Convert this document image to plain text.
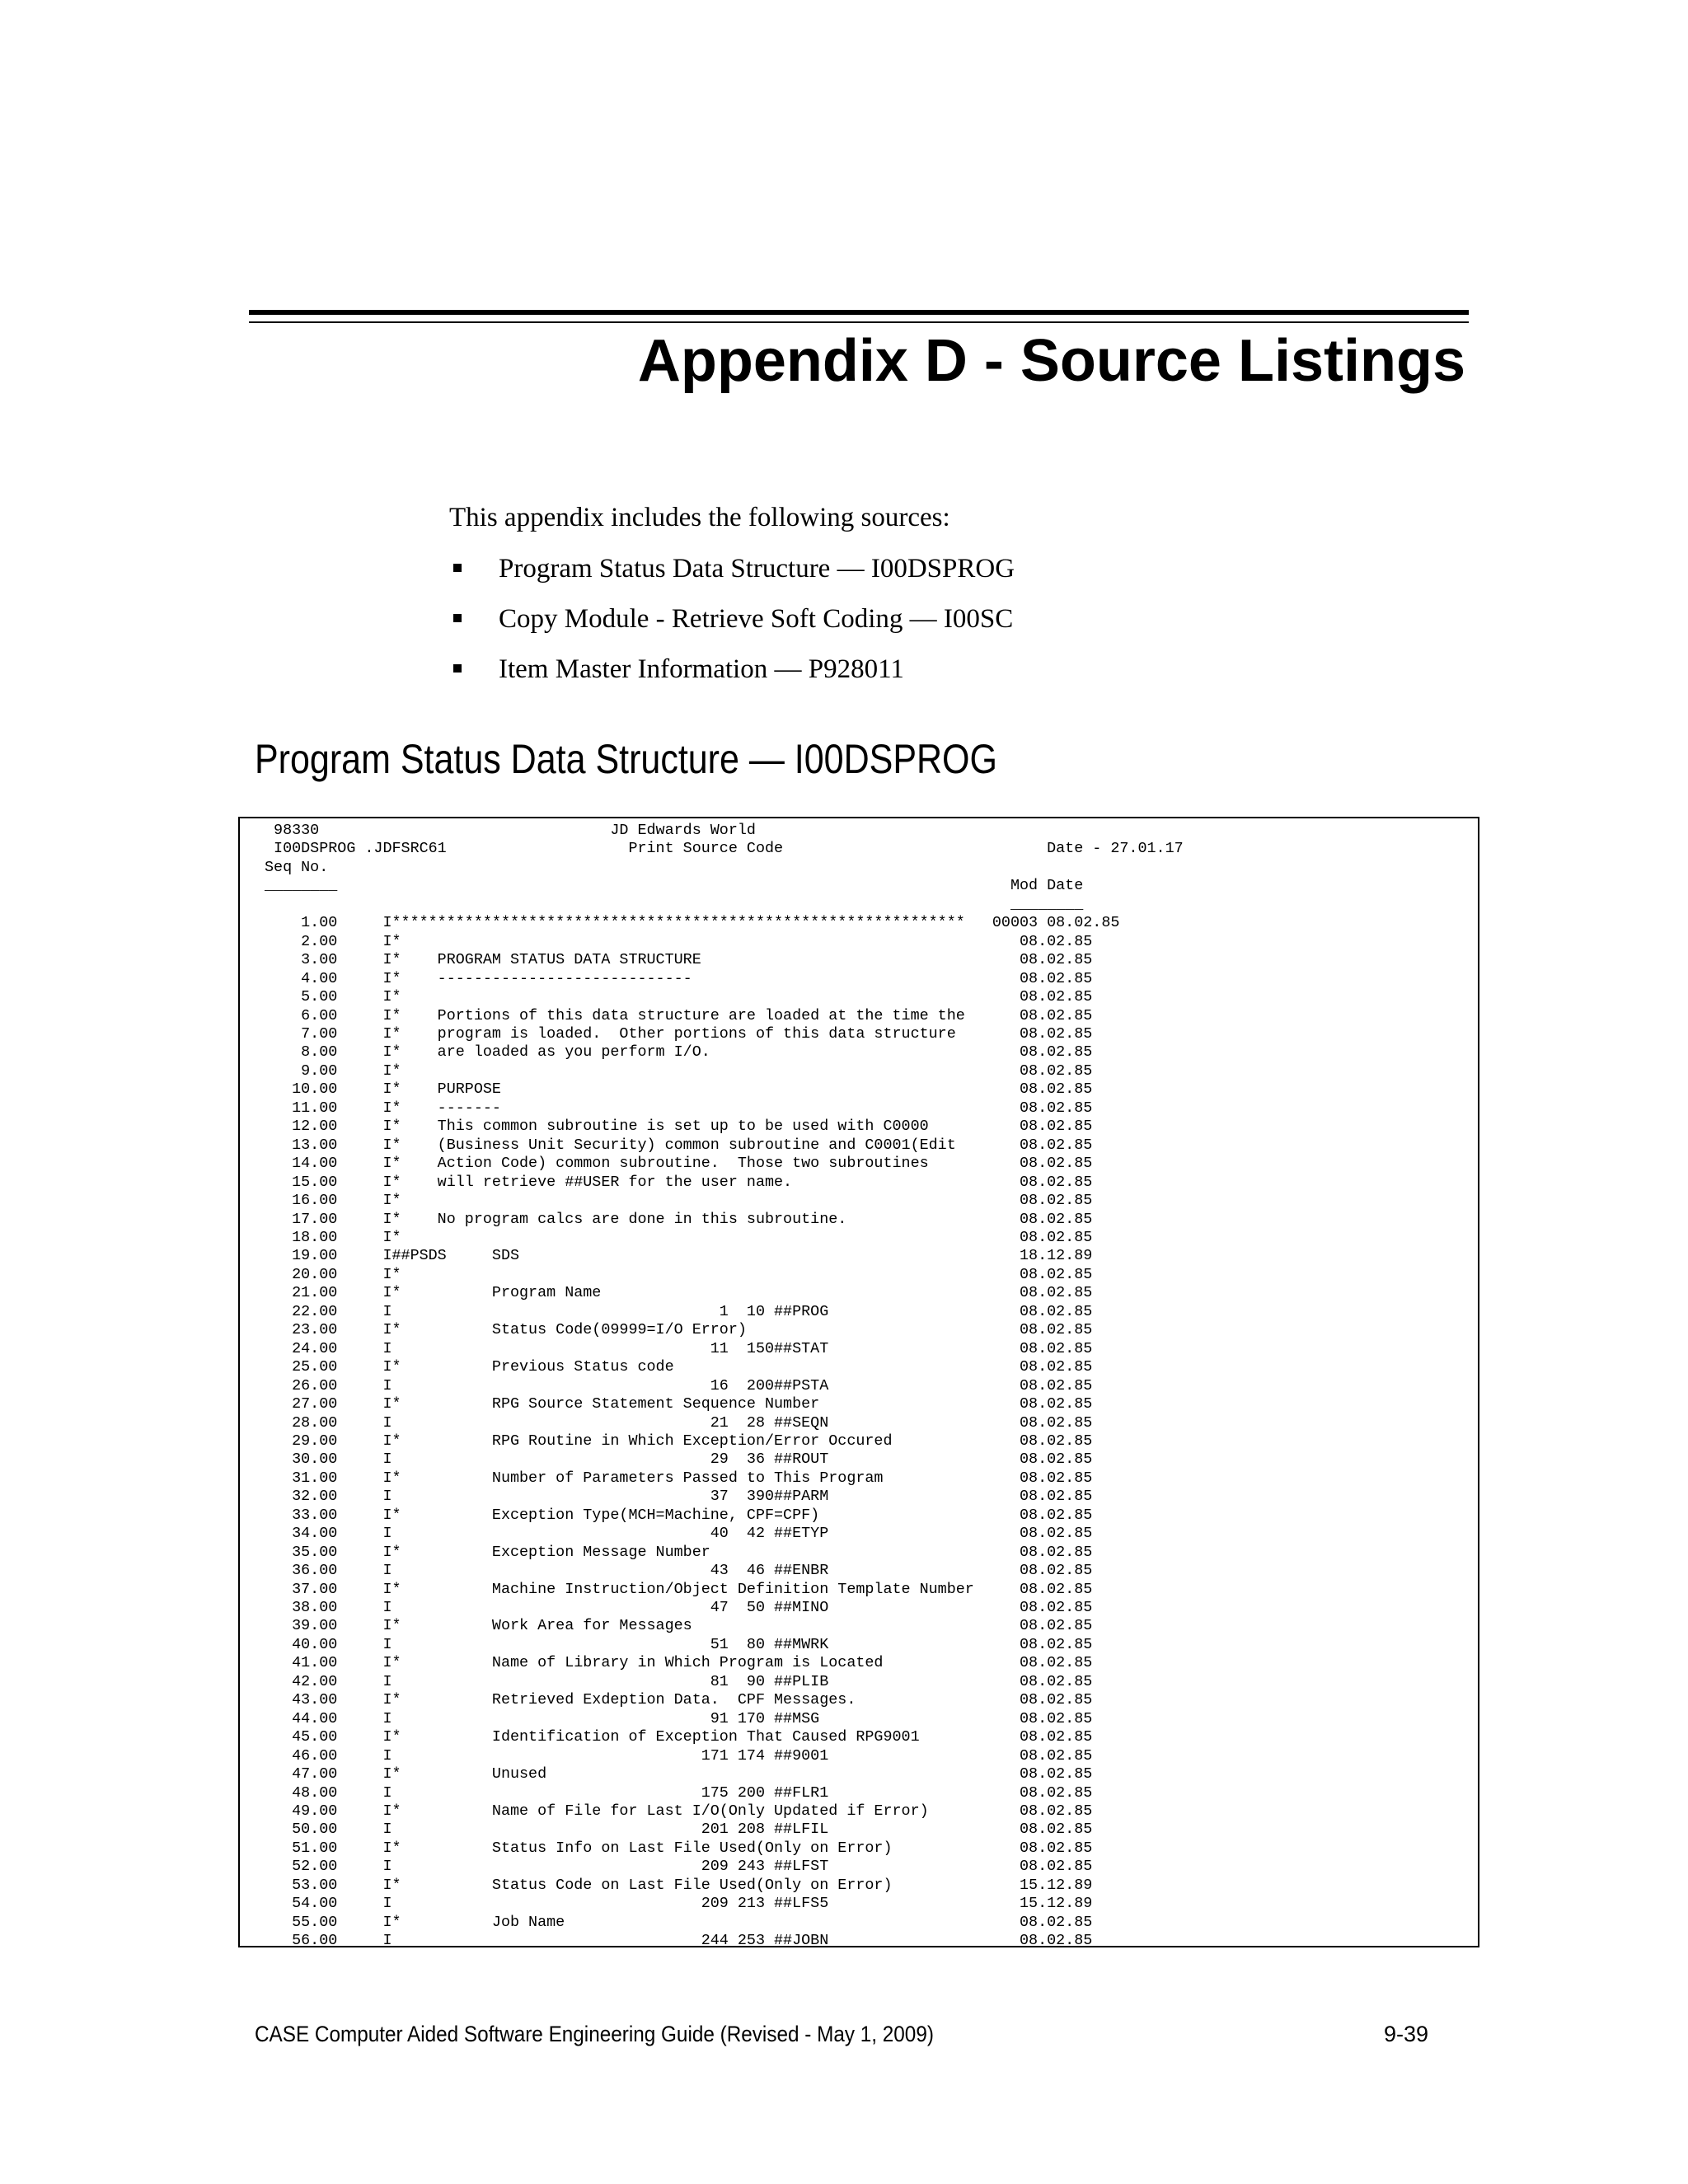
Appendix D - Source Listings
This appendix includes the following sources:
Program Status Data Structure — I00DSPROG
Copy Module - Retrieve Soft Coding — I00SC
Item Master Information — P928011
Program Status Data Structure — I00DSPROG
98330                                JD Edwards World
I00DSPROG .JDFSRC61                    Print Source Code                             Date - 27.01.17
Seq No.
________                                                                          Mod Date
________
1.00     I***************************************************************   00003 08.02.85
2.00     I*                                                                    08.02.85
3.00     I*    PROGRAM STATUS DATA STRUCTURE                                   08.02.85
4.00     I*    ----------------------------                                    08.02.85
5.00     I*                                                                    08.02.85
6.00     I*    Portions of this data structure are loaded at the time the      08.02.85
7.00     I*    program is loaded.  Other portions of this data structure       08.02.85
8.00     I*    are loaded as you perform I/O.                                  08.02.85
9.00     I*                                                                    08.02.85
10.00     I*    PURPOSE                                                         08.02.85
11.00     I*    -------                                                         08.02.85
12.00     I*    This common subroutine is set up to be used with C0000          08.02.85
13.00     I*    (Business Unit Security) common subroutine and C0001(Edit       08.02.85
14.00     I*    Action Code) common subroutine.  Those two subroutines          08.02.85
15.00     I*    will retrieve ##USER for the user name.                         08.02.85
16.00     I*                                                                    08.02.85
17.00     I*    No program calcs are done in this subroutine.                   08.02.85
18.00     I*                                                                    08.02.85
19.00     I##PSDS     SDS                                                       18.12.89
20.00     I*                                                                    08.02.85
21.00     I*          Program Name                                              08.02.85
22.00     I                                    1  10 ##PROG                     08.02.85
23.00     I*          Status Code(09999=I/O Error)                              08.02.85
24.00     I                                   11  150##STAT                     08.02.85
25.00     I*          Previous Status code                                      08.02.85
26.00     I                                   16  200##PSTA                     08.02.85
27.00     I*          RPG Source Statement Sequence Number                      08.02.85
28.00     I                                   21  28 ##SEQN                     08.02.85
29.00     I*          RPG Routine in Which Exception/Error Occured              08.02.85
30.00     I                                   29  36 ##ROUT                     08.02.85
31.00     I*          Number of Parameters Passed to This Program               08.02.85
32.00     I                                   37  390##PARM                     08.02.85
33.00     I*          Exception Type(MCH=Machine, CPF=CPF)                      08.02.85
34.00     I                                   40  42 ##ETYP                     08.02.85
35.00     I*          Exception Message Number                                  08.02.85
36.00     I                                   43  46 ##ENBR                     08.02.85
37.00     I*          Machine Instruction/Object Definition Template Number     08.02.85
38.00     I                                   47  50 ##MINO                     08.02.85
39.00     I*          Work Area for Messages                                    08.02.85
40.00     I                                   51  80 ##MWRK                     08.02.85
41.00     I*          Name of Library in Which Program is Located               08.02.85
42.00     I                                   81  90 ##PLIB                     08.02.85
43.00     I*          Retrieved Exdeption Data.  CPF Messages.                  08.02.85
44.00     I                                   91 170 ##MSG                      08.02.85
45.00     I*          Identification of Exception That Caused RPG9001           08.02.85
46.00     I                                  171 174 ##9001                     08.02.85
47.00     I*          Unused                                                    08.02.85
48.00     I                                  175 200 ##FLR1                     08.02.85
49.00     I*          Name of File for Last I/O(Only Updated if Error)          08.02.85
50.00     I                                  201 208 ##LFIL                     08.02.85
51.00     I*          Status Info on Last File Used(Only on Error)              08.02.85
52.00     I                                  209 243 ##LFST                     08.02.85
53.00     I*          Status Code on Last File Used(Only on Error)              15.12.89
54.00     I                                  209 213 ##LFS5                     15.12.89
55.00     I*          Job Name                                                  08.02.85
56.00     I                                  244 253 ##JOBN                     08.02.85
CASE Computer Aided Software Engineering Guide (Revised - May 1, 2009)	9-39
